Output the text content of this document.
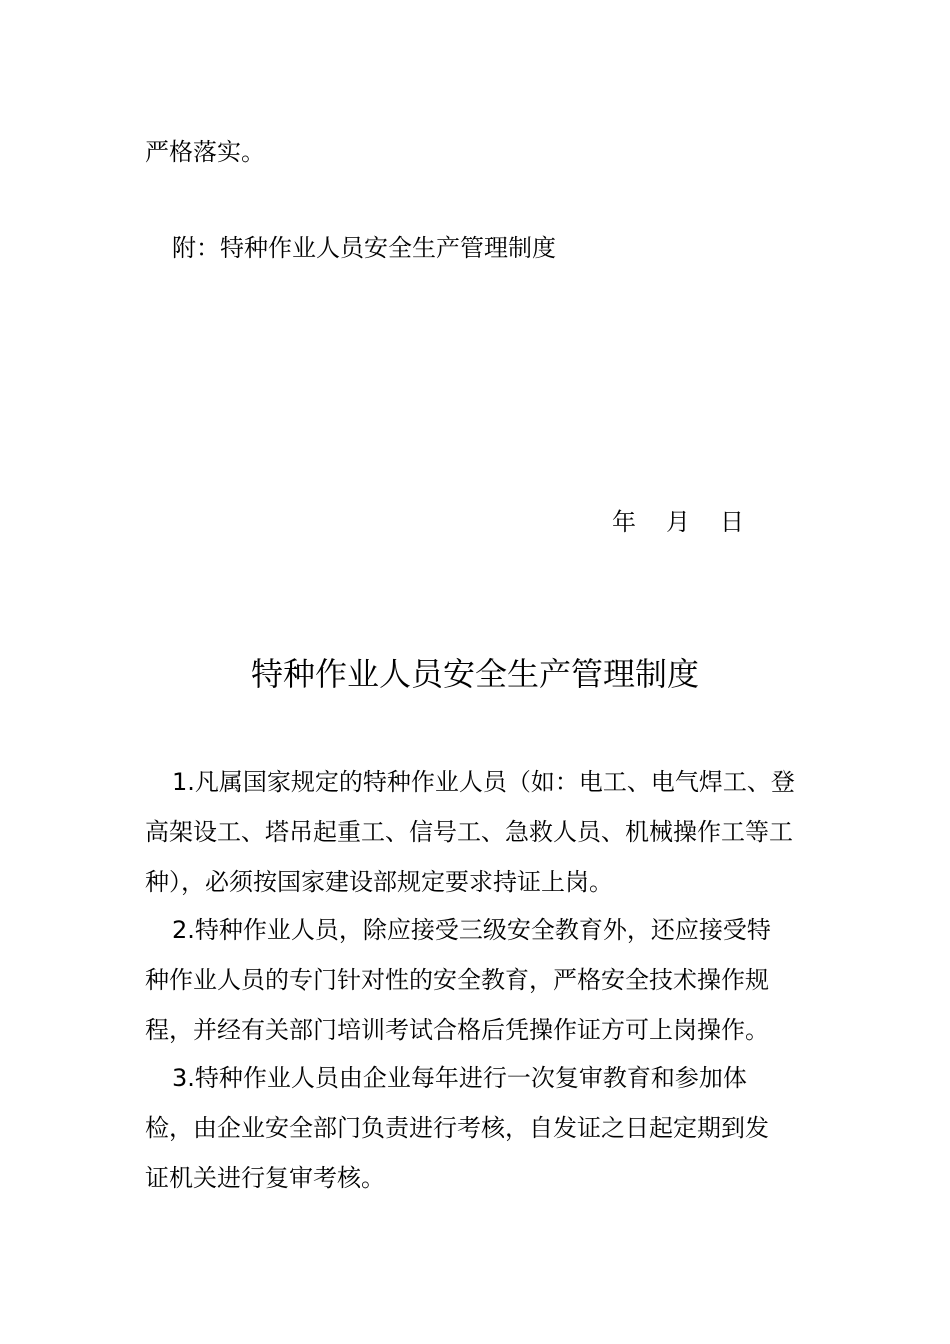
严格落实。
附：特种作业人员安全生产管理制度
年 月 日
特种作业人员安全生产管理制度
1.凡属国家规定的特种作业人员（如：电工、电气焊工、登
高架设工、塔吊起重工、信号工、急救人员、机械操作工等工
种），必须按国家建设部规定要求持证上岗。
2.特种作业人员，除应接受三级安全教育外，还应接受特
种作业人员的专门针对性的安全教育，严格安全技术操作规
程，并经有关部门培训考试合格后凭操作证方可上岗操作。
3.特种作业人员由企业每年进行一次复审教育和参加体
检，由企业安全部门负责进行考核，自发证之日起定期到发
证机关进行复审考核。
